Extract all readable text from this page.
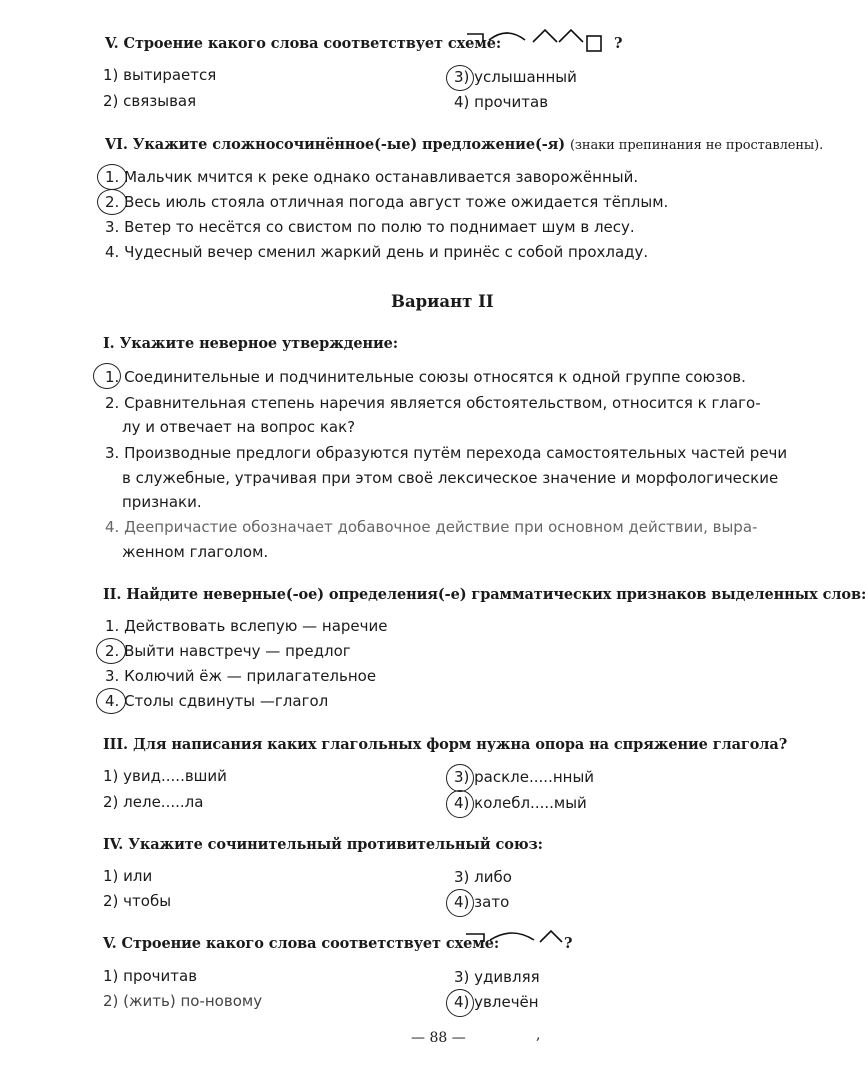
V. Строение какого слова соответствует схеме:	?
1) вытирается	3) услышанный
2) связывая	4) прочитав
VI. Укажите сложносочинённое(-ые) предложение(-я) (знаки препинания не проставлены).
1. Мальчик мчится к реке однако останавливается заворожённый.
2. Весь июль стояла отличная погода август тоже ожидается тёплым.
3. Ветер то несётся со свистом по полю то поднимает шум в лесу.
4. Чудесный вечер сменил жаркий день и принёс с собой прохладу.
Вариант II
I. Укажите неверное утверждение:
1. Соединительные и подчинительные союзы относятся к одной группе союзов.
2. Сравнительная степень наречия является обстоятельством, относится к глаго-
лу и отвечает на вопрос как?
3. Производные предлоги образуются путём перехода самостоятельных частей речи
в служебные, утрачивая при этом своё лексическое значение и морфологические
признаки.
4. Деепричастие обозначает добавочное действие при основном действии, выра-
женном глаголом.
II. Найдите неверные(-ое) определения(-е) грамматических признаков выделенных слов:
1. Действовать вслепую — наречие
2. Выйти навстречу — предлог
3. Колючий ёж — прилагательное
4. Столы сдвинуты —глагол
III. Для написания каких глагольных форм нужна опора на спряжение глагола?
1) увид.....вший	3) раскле.....нный
2) леле.....ла	4) колебл.....мый
IV. Укажите сочинительный противительный союз:
1) или	3) либо
2) чтобы	4) зато
V. Строение какого слова соответствует схеме:	?
1) прочитав	3) удивляя
2) (жить) по-новому	4) увлечён
— 88 —	,
